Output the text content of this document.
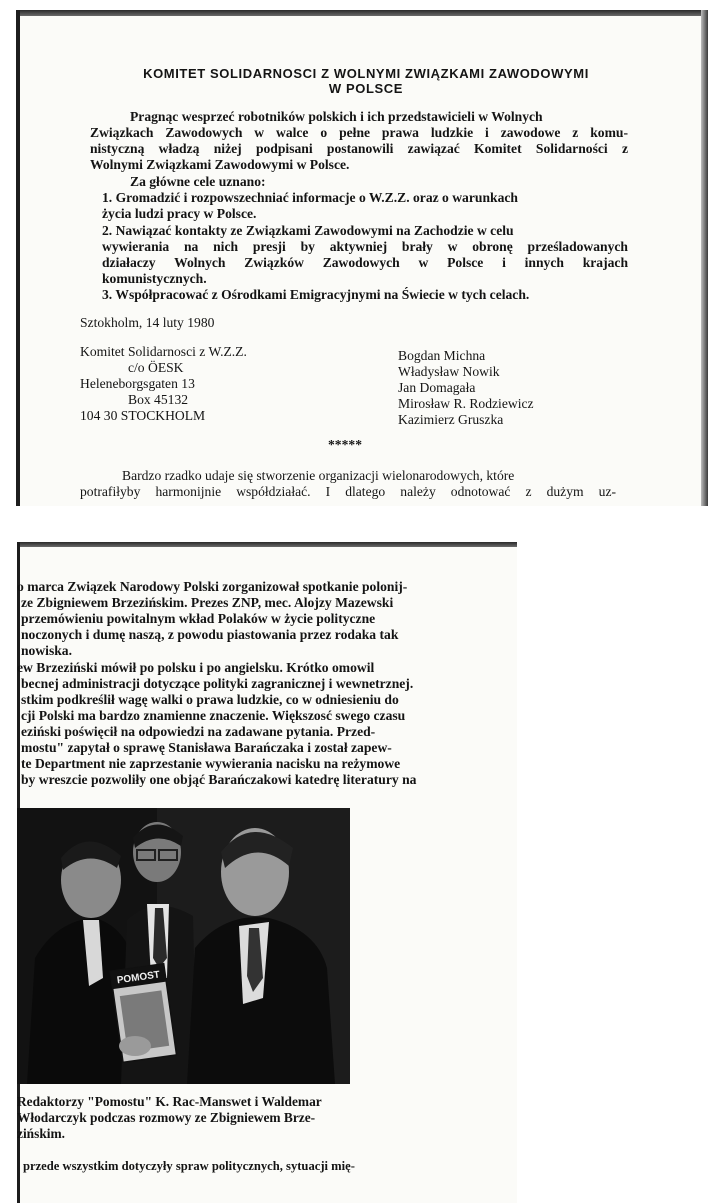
KOMITET SOLIDARNOSCI Z WOLNYMI ZWIĄZKAMI ZAWODOWYMI
W POLSCE
Pragnąc wesprzeć robotników polskich i ich przedstawicieli w Wolnych
Związkach Zawodowych w walce o pełne prawa ludzkie i zawodowe z komu-
nistyczną władzą niżej podpisani postanowili zawiązać Komitet Solidarności z
Wolnymi Związkami Zawodowymi w Polsce.
Za główne cele uznano:
1. Gromadzić i rozpowszechniać informacje o W.Z.Z. oraz o warunkach
życia ludzi pracy w Polsce.
2. Nawiązać kontakty ze Związkami Zawodowymi na Zachodzie w celu
wywierania na nich presji by aktywniej brały w obronę prześladowanych
działaczy Wolnych Związków Zawodowych w Polsce i innych krajach
komunistycznych.
3. Współpracować z Ośrodkami Emigracyjnymi na Świecie w tych celach.
Sztokholm, 14 luty 1980
Komitet Solidarnosci z W.Z.Z.
c/o ÖESK
Heleneborgsgaten 13
Box 45132
104 30 STOCKHOLM
Bogdan Michna
Władysław Nowik
Jan Domagała
Mirosław R. Rodziewicz
Kazimierz Gruszka
*****
Bardzo rzadko udaje się stworzenie organizacji wielonarodowych, które
potrafiłyby harmonijnie współdziałać. I dlatego należy odnotować z dużym uz-
o marca Związek Narodowy Polski zorganizował spotkanie polonij-
ze Zbigniewem Brzezińskim. Prezes ZNP, mec. Alojzy Mazewski
przemówieniu powitalnym wkład Polaków w życie polityczne
noczonych i dumę naszą, z powodu piastowania przez rodaka tak
nowiska.
ew Brzeziński mówił po polsku i po angielsku. Krótko omowil
becnej administracji dotyczące polityki zagranicznej i wewnetrznej.
stkim podkreślił wagę walki o prawa ludzkie, co w odniesieniu do
cji Polski ma bardzo znamienne znaczenie. Większosć swego czasu
eziński poświęcił na odpowiedzi na zadawane pytania. Przed-
mostu" zapytał o sprawę Stanisława Barańczaka i został zapew-
te Department nie zaprzestanie wywierania nacisku na reżymowe
by wreszcie pozwoliły one objąć Barańczakowi katedrę literatury na
POMOST
Redaktorzy "Pomostu" K. Rac-Manswet i Waldemar
Włodarczyk podczas rozmowy ze Zbigniewem Brze-
zińskim.
przede wszystkim dotyczyły spraw politycznych, sytuacji mię-
